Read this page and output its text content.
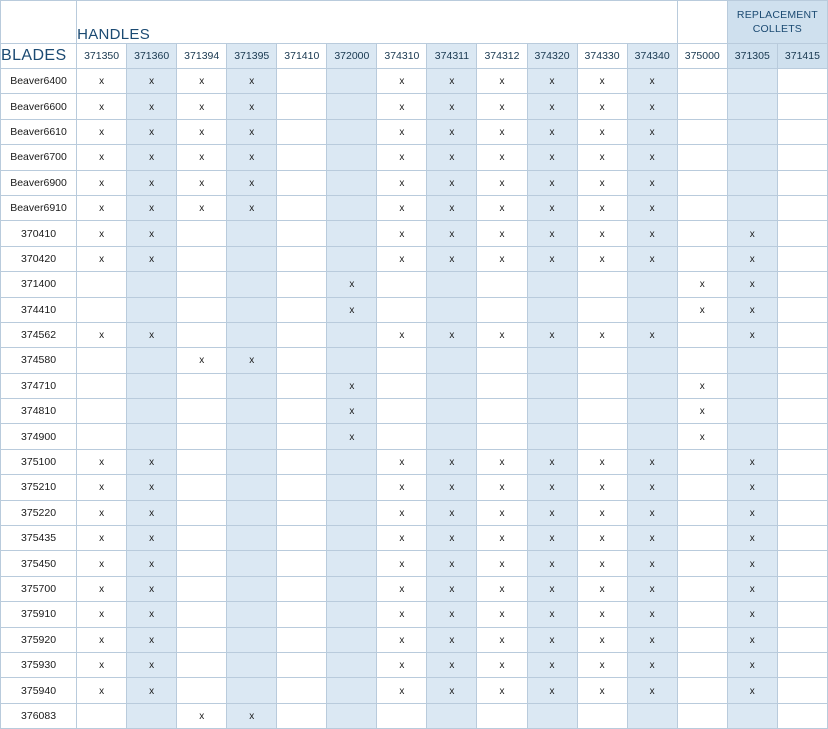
	HANDLES													REPLACEMENT
COLLETS	
BLADES	371350	371360	371394	371395	371410	372000	374310	374311	374312	374320	374330	374340	375000	371305	371415
Beaver6400	x	x	x	x			x	x	x	x	x	x			
Beaver6600	x	x	x	x			x	x	x	x	x	x			
Beaver6610	x	x	x	x			x	x	x	x	x	x			
Beaver6700	x	x	x	x			x	x	x	x	x	x			
Beaver6900	x	x	x	x			x	x	x	x	x	x			
Beaver6910	x	x	x	x			x	x	x	x	x	x			
370410	x	x					x	x	x	x	x	x		x	
370420	x	x					x	x	x	x	x	x		x	
371400						x							x	x	
374410						x							x	x	
374562	x	x					x	x	x	x	x	x		x	
374580			x	x											
374710						x							x		
374810						x							x		
374900						x							x		
375100	x	x					x	x	x	x	x	x		x	
375210	x	x					x	x	x	x	x	x		x	
375220	x	x					x	x	x	x	x	x		x	
375435	x	x					x	x	x	x	x	x		x	
375450	x	x					x	x	x	x	x	x		x	
375700	x	x					x	x	x	x	x	x		x	
375910	x	x					x	x	x	x	x	x		x	
375920	x	x					x	x	x	x	x	x		x	
375930	x	x					x	x	x	x	x	x		x	
375940	x	x					x	x	x	x	x	x		x	
376083			x	x											
